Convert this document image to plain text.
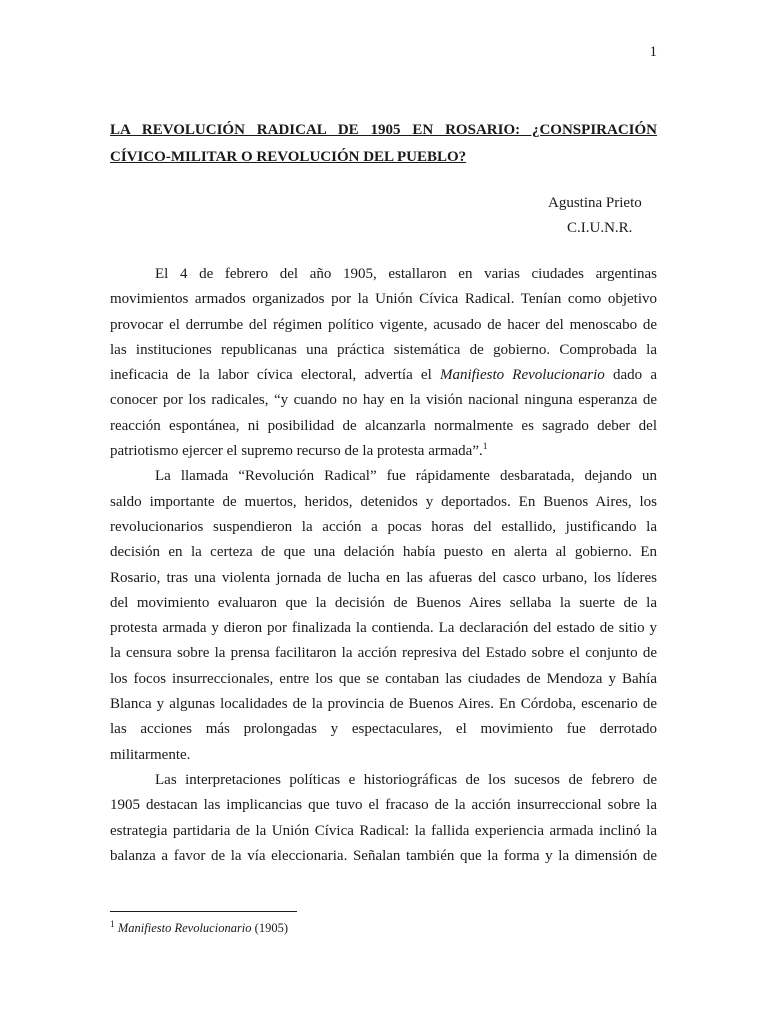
1
LA REVOLUCIÓN RADICAL DE 1905 EN ROSARIO: ¿CONSPIRACIÓN
CÍVICO-MILITAR O REVOLUCIÓN DEL PUEBLO?
Agustina Prieto
C.I.U.N.R.
El 4 de febrero del año 1905, estallaron en varias ciudades argentinas
movimientos armados organizados por la Unión Cívica Radical. Tenían como objetivo
provocar el derrumbe del régimen político vigente, acusado de hacer del menoscabo de
las instituciones republicanas una práctica sistemática de gobierno. Comprobada la
ineficacia de la labor cívica electoral, advertía el Manifiesto Revolucionario dado a
conocer por los radicales, “y cuando no hay en la visión nacional ninguna esperanza de
reacción espontánea, ni posibilidad de alcanzarla normalmente es sagrado deber del
patriotismo ejercer el supremo recurso de la protesta armada”.$^1$
La llamada “Revolución Radical” fue rápidamente desbaratada, dejando un
saldo importante de muertos, heridos, detenidos y deportados. En Buenos Aires, los
revolucionarios suspendieron la acción a pocas horas del estallido, justificando la
decisión en la certeza de que una delación había puesto en alerta al gobierno. En
Rosario, tras una violenta jornada de lucha en las afueras del casco urbano, los líderes
del movimiento evaluaron que la decisión de Buenos Aires sellaba la suerte de la
protesta armada y dieron por finalizada la contienda. La declaración del estado de sitio y
la censura sobre la prensa facilitaron la acción represiva del Estado sobre el conjunto de
los focos insurreccionales, entre los que se contaban las ciudades de Mendoza y Bahía
Blanca y algunas localidades de la provincia de Buenos Aires. En Córdoba, escenario de
las acciones más prolongadas y espectaculares, el movimiento fue derrotado
militarmente.
Las interpretaciones políticas e historiográficas de los sucesos de febrero de
1905 destacan las implicancias que tuvo el fracaso de la acción insurreccional sobre la
estrategia partidaria de la Unión Cívica Radical: la fallida experiencia armada inclinó la
balanza a favor de la vía eleccionaria. Señalan también que la forma y la dimensión de
$^1$ Manifiesto Revolucionario (1905)
